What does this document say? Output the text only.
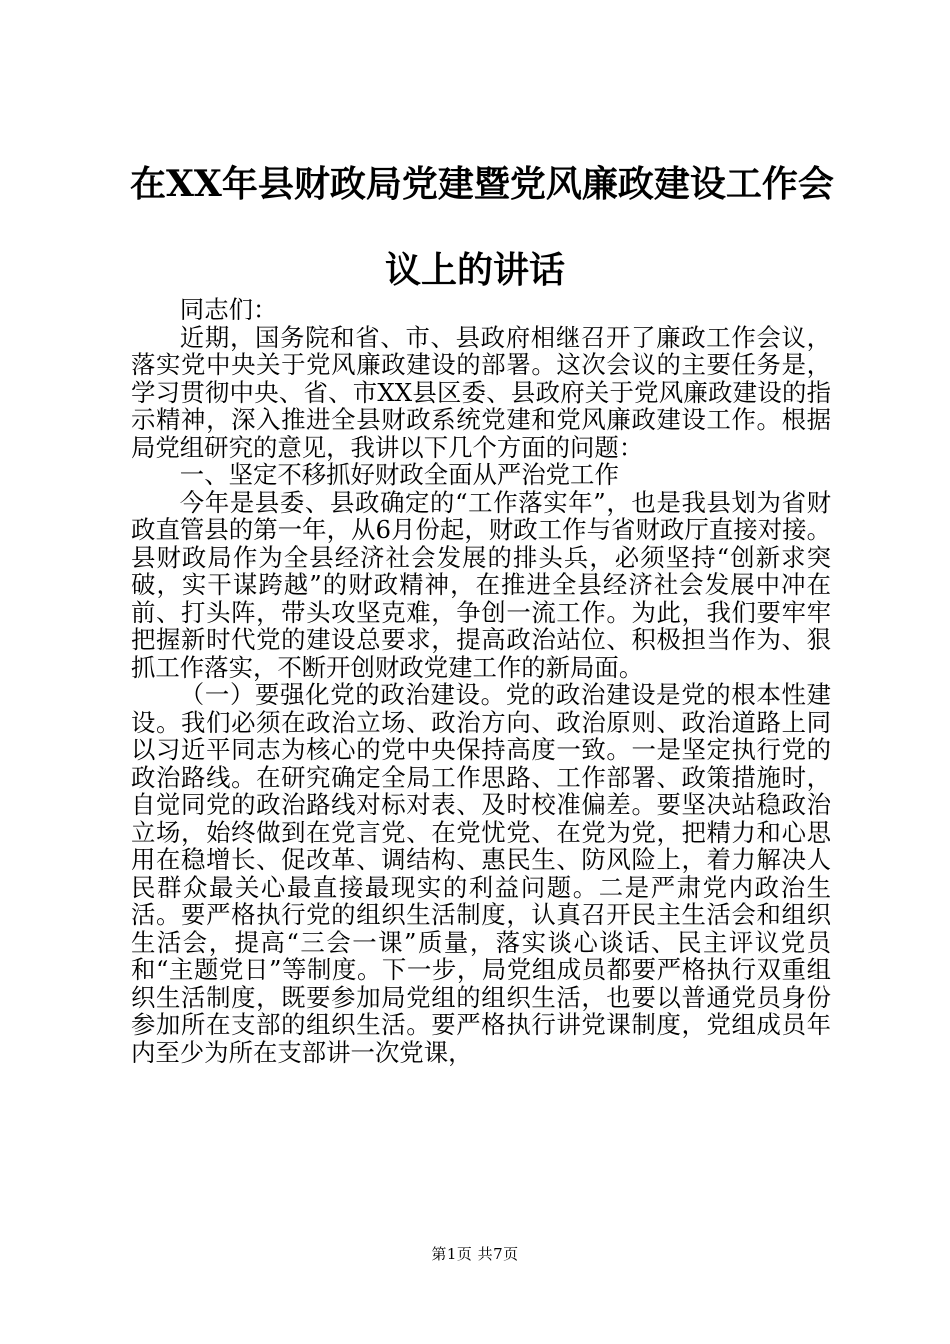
在XX年县财政局党建暨党风廉政建设工作会
议上的讲话

同志们：

近期，国务院和省、市、县政府相继召开了廉政工作会议，落实党中央关于党风廉政建设的部署。这次会议的主要任务是，学习贯彻中央、省、市XX县区委、县政府关于党风廉政建设的指示精神，深入推进全县财政系统党建和党风廉政建设工作。根据局党组研究的意见，我讲以下几个方面的问题：

一、坚定不移抓好财政全面从严治党工作

今年是县委、县政确定的“工作落实年”，也是我县划为省财政直管县的第一年，从6月份起，财政工作与省财政厅直接对接。县财政局作为全县经济社会发展的排头兵，必须坚持“创新求突破，实干谋跨越”的财政精神，在推进全县经济社会发展中冲在前、打头阵，带头攻坚克难，争创一流工作。为此，我们要牢牢把握新时代党的建设总要求，提高政治站位、积极担当作为、狠抓工作落实，不断开创财政党建工作的新局面。

（一）要强化党的政治建设。党的政治建设是党的根本性建设。我们必须在政治立场、政治方向、政治原则、政治道路上同以习近平同志为核心的党中央保持高度一致。一是坚定执行党的政治路线。在研究确定全局工作思路、工作部署、政策措施时，自觉同党的政治路线对标对表、及时校准偏差。要坚决站稳政治立场，始终做到在党言党、在党忧党、在党为党，把精力和心思用在稳增长、促改革、调结构、惠民生、防风险上，着力解决人民群众最关心最直接最现实的利益问题。二是严肃党内政治生活。要严格执行党的组织生活制度，认真召开民主生活会和组织生活会，提高“三会一课”质量，落实谈心谈话、民主评议党员和“主题党日”等制度。下一步，局党组成员都要严格执行双重组织生活制度，既要参加局党组的组织生活，也要以普通党员身份参加所在支部的组织生活。要严格执行讲党课制度，党组成员年内至少为所在支部讲一次党课，

第1页 共7页
